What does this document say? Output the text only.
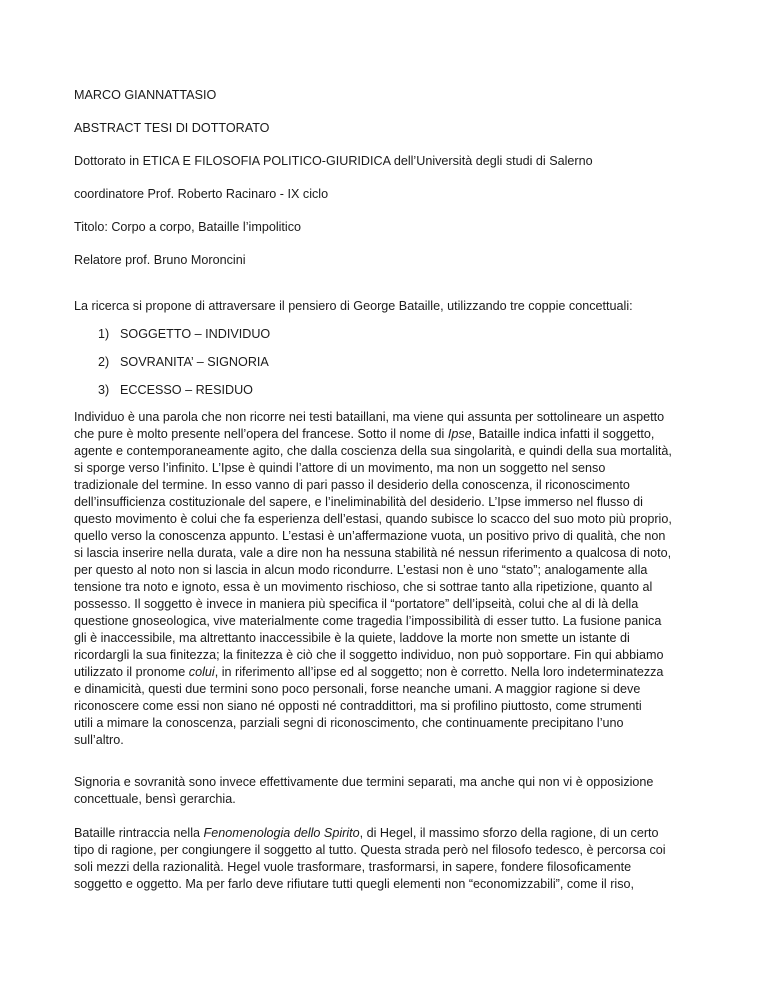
MARCO GIANNATTASIO
ABSTRACT TESI DI DOTTORATO
Dottorato in ETICA E FILOSOFIA POLITICO-GIURIDICA dell’Università degli studi di Salerno
coordinatore Prof. Roberto Racinaro - IX ciclo
Titolo: Corpo a corpo, Bataille l’impolitico
Relatore prof. Bruno Moroncini
La ricerca si propone di attraversare il pensiero di George Bataille, utilizzando tre coppie concettuali:
1) SOGGETTO – INDIVIDUO
2) SOVRANITA’ – SIGNORIA
3) ECCESSO – RESIDUO
Individuo è una parola che non ricorre nei testi bataillani, ma viene qui assunta per sottolineare un aspetto
che pure è molto presente nell’opera del francese. Sotto il nome di Ipse, Bataille indica infatti il soggetto,
agente e contemporaneamente agito, che dalla coscienza della sua singolarità, e quindi della sua mortalità,
si sporge verso l’infinito. L’Ipse è quindi l’attore di un movimento, ma non un soggetto nel senso
tradizionale del termine. In esso vanno di pari passo il desiderio della conoscenza, il riconoscimento
dell’insufficienza costituzionale del sapere, e l’ineliminabilità del desiderio. L’Ipse immerso nel flusso di
questo movimento è colui che fa esperienza dell’estasi, quando subisce lo scacco del suo moto più proprio,
quello verso la conoscenza appunto. L’estasi è un’affermazione vuota, un positivo privo di qualità, che non
si lascia inserire nella durata, vale a dire non ha nessuna stabilità né nessun riferimento a qualcosa di noto,
per questo al noto non si lascia in alcun modo ricondurre. L’estasi non è uno “stato”; analogamente alla
tensione tra noto e ignoto, essa è un movimento rischioso, che si sottrae tanto alla ripetizione, quanto al
possesso. Il soggetto è invece in maniera più specifica il “portatore” dell’ipseità, colui che al di là della
questione gnoseologica, vive materialmente come tragedia l’impossibilità di esser tutto. La fusione panica
gli è inaccessibile, ma altrettanto inaccessibile è la quiete, laddove la morte non smette un istante di
ricordargli la sua finitezza; la finitezza è ciò che il soggetto individuo, non può sopportare. Fin qui abbiamo
utilizzato il pronome colui, in riferimento all’ipse ed al soggetto; non è corretto. Nella loro indeterminatezza
e dinamicità, questi due termini sono poco personali, forse neanche umani. A maggior ragione si deve
riconoscere come essi non siano né opposti né contraddittori, ma si profilino piuttosto, come strumenti
utili a mimare la conoscenza, parziali segni di riconoscimento, che continuamente precipitano l’uno
sull’altro.
Signoria e sovranità sono invece effettivamente due termini separati, ma anche qui non vi è opposizione
concettuale, bensì gerarchia.
Bataille rintraccia nella Fenomenologia dello Spirito, di Hegel, il massimo sforzo della ragione, di un certo
tipo di ragione, per congiungere il soggetto al tutto. Questa strada però nel filosofo tedesco, è percorsa coi
soli mezzi della razionalità. Hegel vuole trasformare, trasformarsi, in sapere, fondere filosoficamente
soggetto e oggetto. Ma per farlo deve rifiutare tutti quegli elementi non “economizzabili”, come il riso,
